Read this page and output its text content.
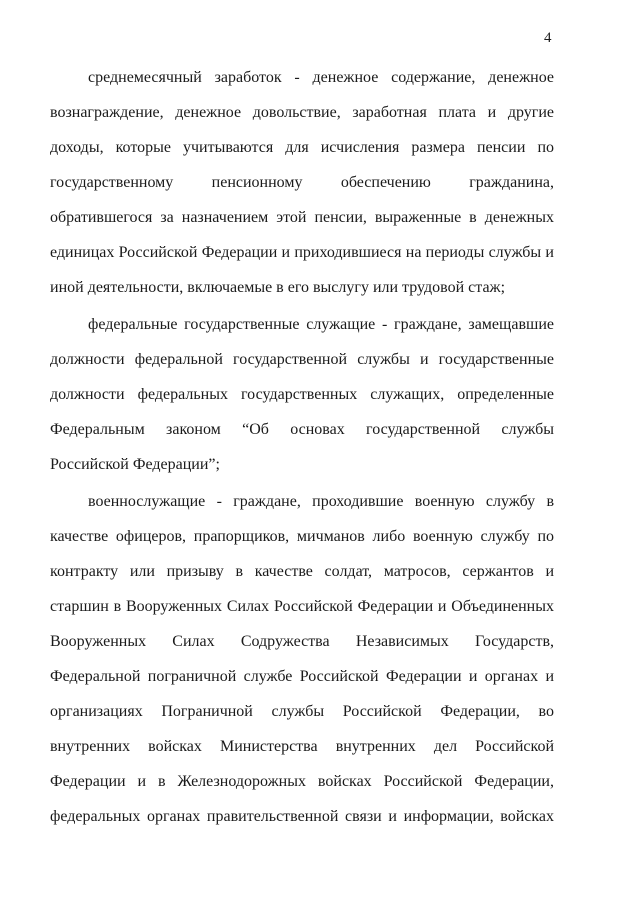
4

среднемесячный заработок - денежное содержание, денежное
вознаграждение, денежное довольствие, заработная плата и другие
доходы, которые учитываются для исчисления размера пенсии по
государственному пенсионному обеспечению гражданина,
обратившегося за назначением этой пенсии, выраженные в денежных
единицах Российской Федерации и приходившиеся на периоды службы и
иной деятельности, включаемые в его выслугу или трудовой стаж;

федеральные государственные служащие - граждане, замещавшие
должности федеральной государственной службы и государственные
должности федеральных государственных служащих, определенные
Федеральным законом “Об основах государственной службы
Российской Федерации”;

военнослужащие - граждане, проходившие военную службу в
качестве офицеров, прапорщиков, мичманов либо военную службу по
контракту или призыву в качестве солдат, матросов, сержантов и
старшин в Вооруженных Силах Российской Федерации и Объединенных
Вооруженных Силах Содружества Независимых Государств,
Федеральной пограничной службе Российской Федерации и органах и
организациях Пограничной службы Российской Федерации, во
внутренних войсках Министерства внутренних дел Российской
Федерации и в Железнодорожных войсках Российской Федерации,
федеральных органах правительственной связи и информации, войсках
